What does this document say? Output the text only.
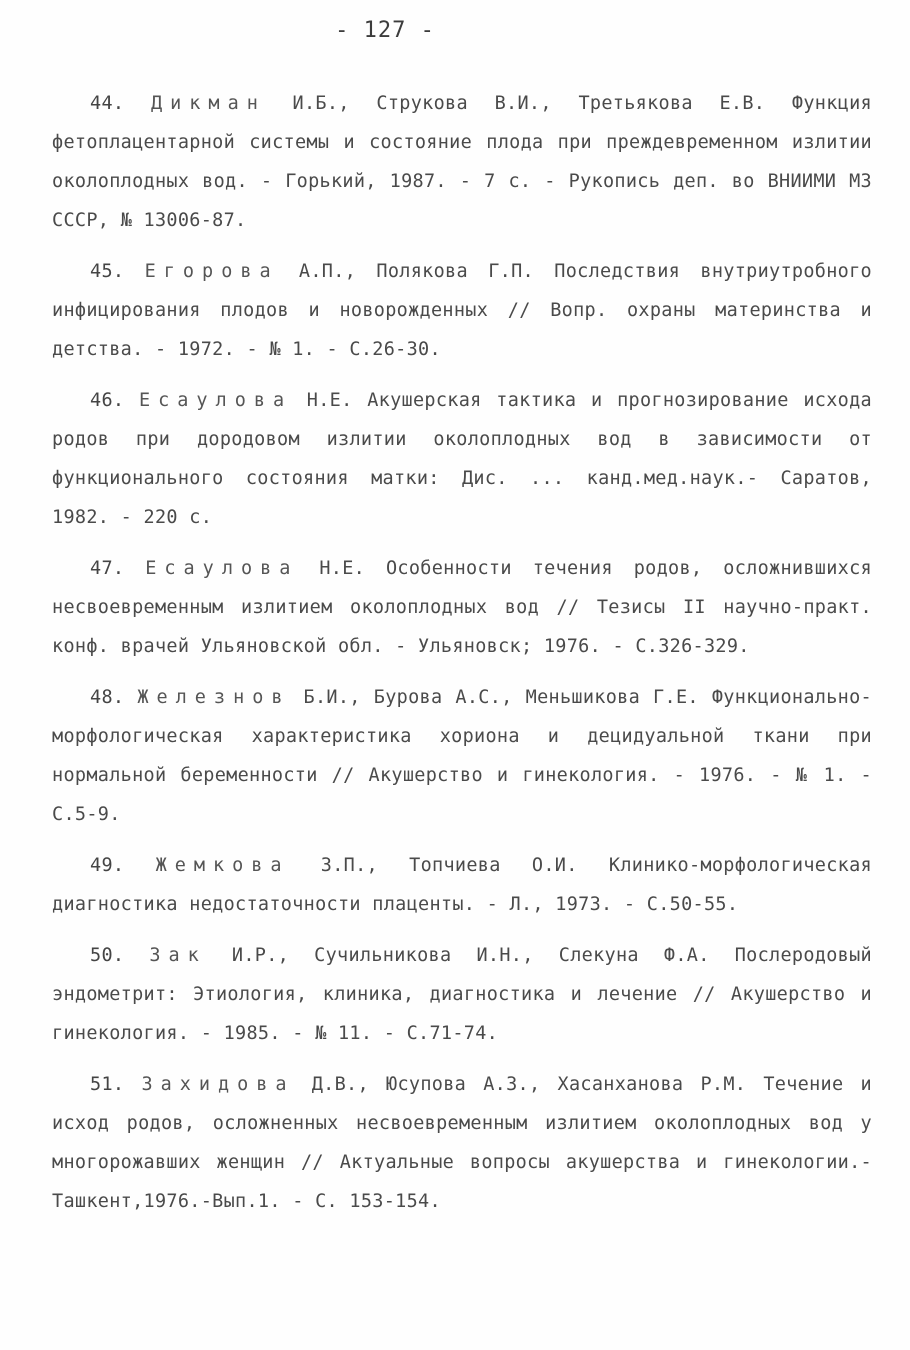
- 127 -

44. Дикман И.Б., Струкова В.И., Третьякова Е.В. Функция фетоплацентарной системы и состояние плода при преждевременном излитии околоплодных вод. - Горький, 1987. - 7 с. - Рукопись деп. во ВНИИМИ МЗ СССР, № 13006-87.

45. Егорова А.П., Полякова Г.П. Последствия внутриутробного инфицирования плодов и новорожденных // Вопр. охраны материнства и детства. - 1972. - № 1. - С.26-30.

46. Есаулова Н.Е. Акушерская тактика и прогнозирование исхода родов при дородовом излитии околоплодных вод в зависимости от функционального состояния матки: Дис. ... канд.мед.наук.- Саратов, 1982. - 220 с.

47. Есаулова Н.Е. Особенности течения родов, осложнившихся несвоевременным излитием околоплодных вод // Тезисы II научно-практ. конф. врачей Ульяновской обл. - Ульяновск; 1976. - С.326-329.

48. Железнов Б.И., Бурова А.С., Меньшикова Г.Е. Функционально-морфологическая характеристика хориона и децидуальной ткани при нормальной беременности // Акушерство и гинекология. - 1976. - № 1. - С.5-9.

49. Жемкова З.П., Топчиева О.И. Клинико-морфологическая диагностика недостаточности плаценты. - Л., 1973. - С.50-55.

50. Зак И.Р., Сучильникова И.Н., Слекуна Ф.А. Послеродовый эндометрит: Этиология, клиника, диагностика и лечение // Акушерство и гинекология. - 1985. - № 11. - С.71-74.

51. Захидова Д.В., Юсупова А.З., Хасанханова Р.М. Течение и исход родов, осложненных несвоевременным излитием околоплодных вод у многорожавших женщин // Актуальные вопросы акушерства и гинекологии.-Ташкент,1976.-Вып.1. - С. 153-154.
